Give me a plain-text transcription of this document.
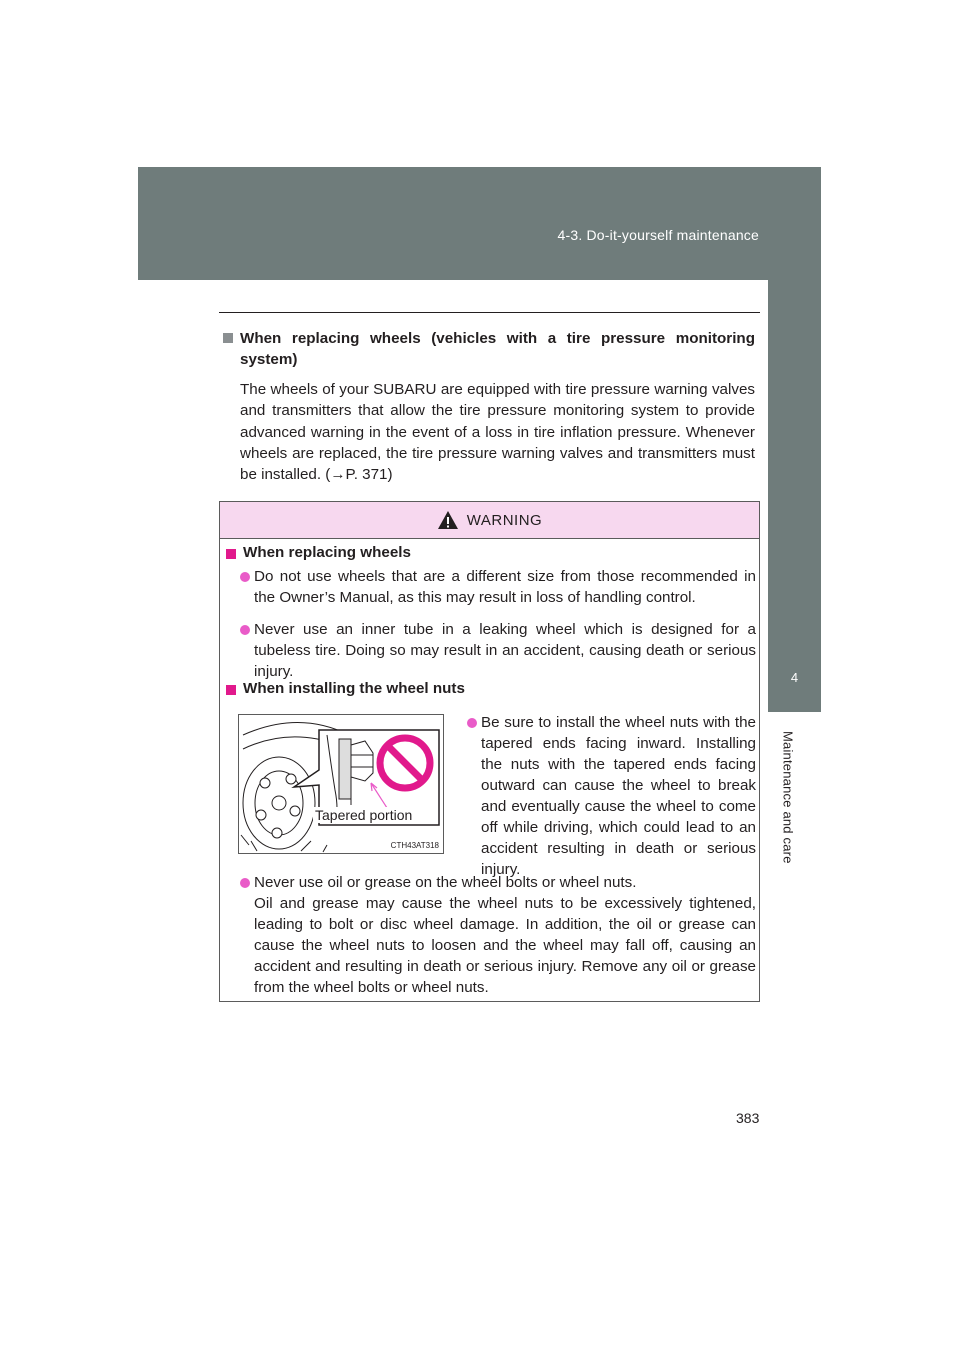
4-3. Do-it-yourself maintenance
4
Maintenance and care
When replacing wheels (vehicles with a tire pressure monitoring system)
The wheels of your SUBARU are equipped with tire pressure warning valves and transmitters that allow the tire pressure monitoring system to provide advanced warning in the event of a loss in tire inflation pressure. Whenever wheels are replaced, the tire pressure warning valves and transmitters must be installed. (→P. 371)
WARNING
When replacing wheels
Do not use wheels that are a different size from those recommended in the Owner’s Manual, as this may result in loss of handling control.
Never use an inner tube in a leaking wheel which is designed for a tubeless tire. Doing so may result in an accident, causing death or serious injury.
When installing the wheel nuts
Tapered portion
CTH43AT318
Be sure to install the wheel nuts with the tapered ends facing inward. Installing the nuts with the tapered ends facing outward can cause the wheel to break and eventually cause the wheel to come off while driving, which could lead to an accident resulting in death or serious injury.
Never use oil or grease on the wheel bolts or wheel nuts.
Oil and grease may cause the wheel nuts to be excessively tightened, leading to bolt or disc wheel damage. In addition, the oil or grease can cause the wheel nuts to loosen and the wheel may fall off, causing an accident and resulting in death or serious injury. Remove any oil or grease from the wheel bolts or wheel nuts.
383
